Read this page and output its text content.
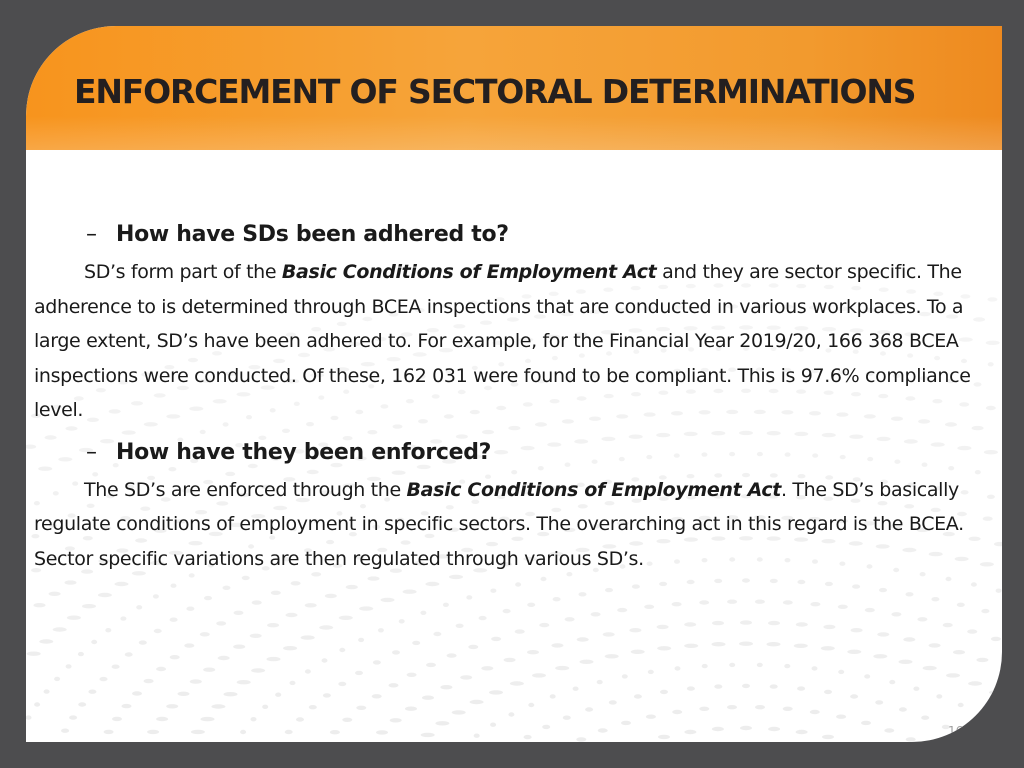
ENFORCEMENT OF SECTORAL DETERMINATIONS
– How have SDs been adhered to?

SD’s form part of the Basic Conditions of Employment Act and they are sector specific. The adherence to is determined through BCEA inspections that are conducted in various workplaces. To a large extent, SD’s have been adhered to. For example, for the Financial Year 2019/20, 166 368 BCEA inspections were conducted. Of these, 162 031 were found to be compliant. This is 97.6% compliance level.

– How have they been enforced?

The SD’s are enforced through the Basic Conditions of Employment Act. The SD’s basically regulate conditions of employment in specific sectors. The overarching act in this regard is the BCEA. Sector specific variations are then regulated through various SD’s.

16
